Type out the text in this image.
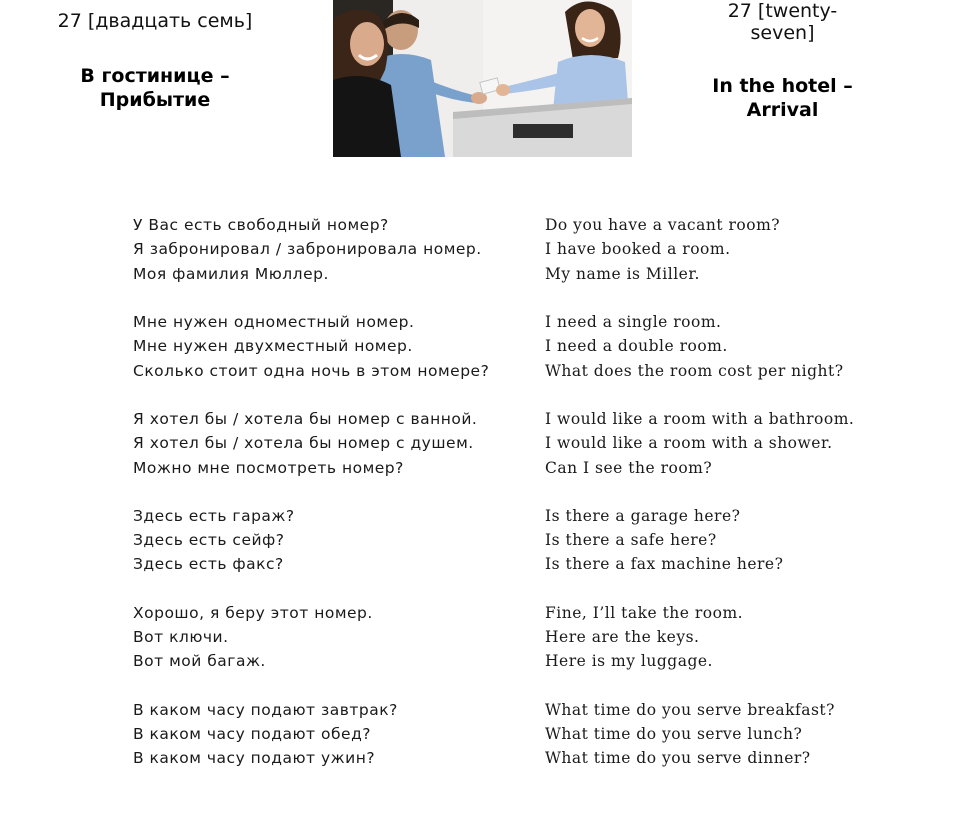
27 [двадцать семь]
В гостинице – Прибытие
27 [twenty-seven]
In the hotel – Arrival
У Вас есть свободный номер?	Do you have a vacant room?
Я забронировал / забронировала номер.	I have booked a room.
Моя фамилия Мюллер.	My name is Miller.
Мне нужен одноместный номер.	I need a single room.
Мне нужен двухместный номер.	I need a double room.
Сколько стоит одна ночь в этом номере?	What does the room cost per night?
Я хотел бы / хотела бы номер с ванной.	I would like a room with a bathroom.
Я хотел бы / хотела бы номер с душем.	I would like a room with a shower.
Можно мне посмотреть номер?	Can I see the room?
Здесь есть гараж?	Is there a garage here?
Здесь есть сейф?	Is there a safe here?
Здесь есть факс?	Is there a fax machine here?
Хорошо, я беру этот номер.	Fine, I’ll take the room.
Вот ключи.	Here are the keys.
Вот мой багаж.	Here is my luggage.
В каком часу подают завтрак?	What time do you serve breakfast?
В каком часу подают обед?	What time do you serve lunch?
В каком часу подают ужин?	What time do you serve dinner?
